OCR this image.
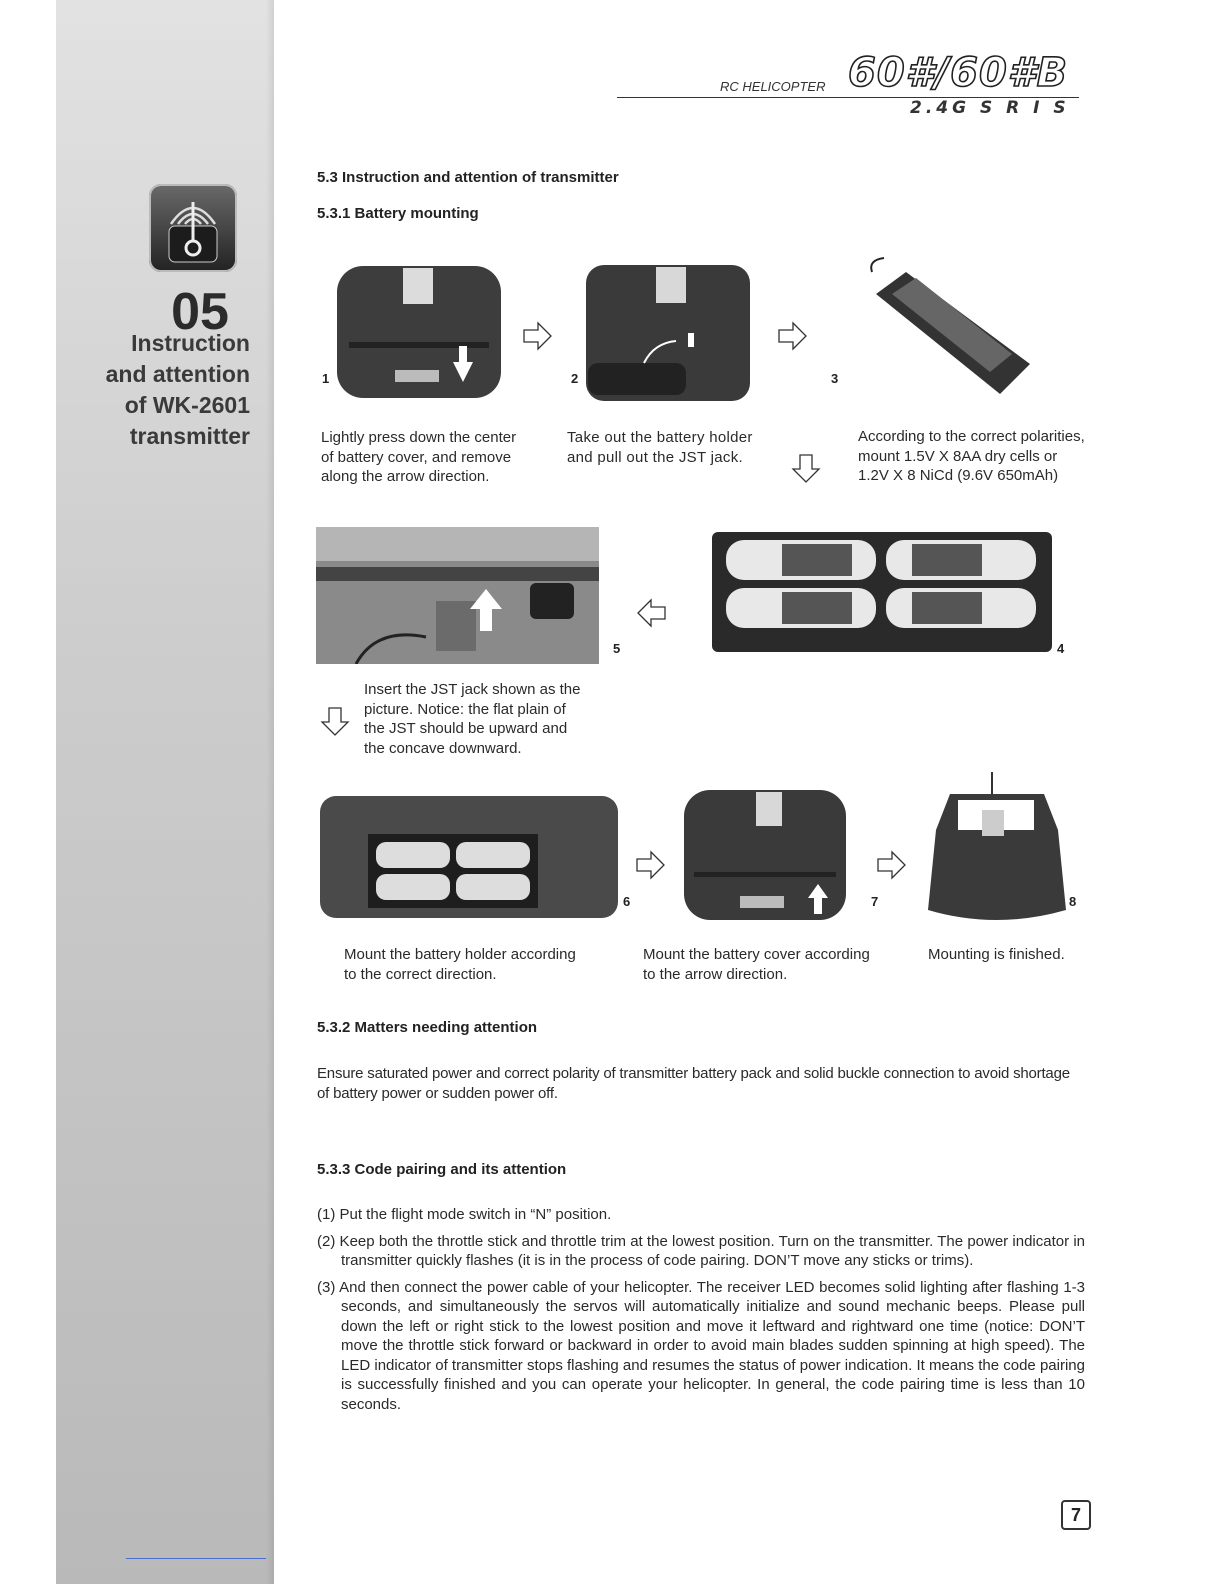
05
Instruction
and attention
of WK-2601
transmitter
RC HELICOPTER 60#/60#B
2.4G S R I S
5.3 Instruction and attention of transmitter
5.3.1 Battery mounting
1	2	3
Lightly press down the center
of battery cover, and remove
along the arrow direction.
Take out the battery holder
and pull out the JST jack.
According to the correct polarities,
mount 1.5V X 8AA dry cells or
1.2V X 8 NiCd (9.6V 650mAh)
5	4
Insert the JST jack shown as the
picture. Notice: the flat plain of
the JST should be upward and
the concave downward.
6	7	8
Mount the battery holder according
to the correct direction.
Mount the battery cover according
to the arrow direction.
Mounting is finished.
5.3.2 Matters needing attention
Ensure saturated power and correct polarity of transmitter battery pack and solid buckle connection to avoid shortage
of battery power or sudden power off.
5.3.3 Code pairing and its attention

(1) Put the flight mode switch in “N” position.

(2) Keep both the throttle stick and throttle trim at the lowest position. Turn on the transmitter. The power indicator in transmitter quickly flashes (it is in the process of code pairing. DON’T move any sticks or trims).

(3) And then connect the power cable of your helicopter. The receiver LED becomes solid lighting after flashing 1-3 seconds, and simultaneously the servos will automatically initialize and sound mechanic beeps. Please pull down the left or right stick to the lowest position and move it leftward and rightward one time (notice: DON’T move the throttle stick forward or backward in order to avoid main blades sudden spinning at high speed). The LED indicator of transmitter stops flashing and resumes the status of power indication. It means the code pairing is successfully finished and you can operate your helicopter. In general, the code pairing time is less than 10 seconds.

7
